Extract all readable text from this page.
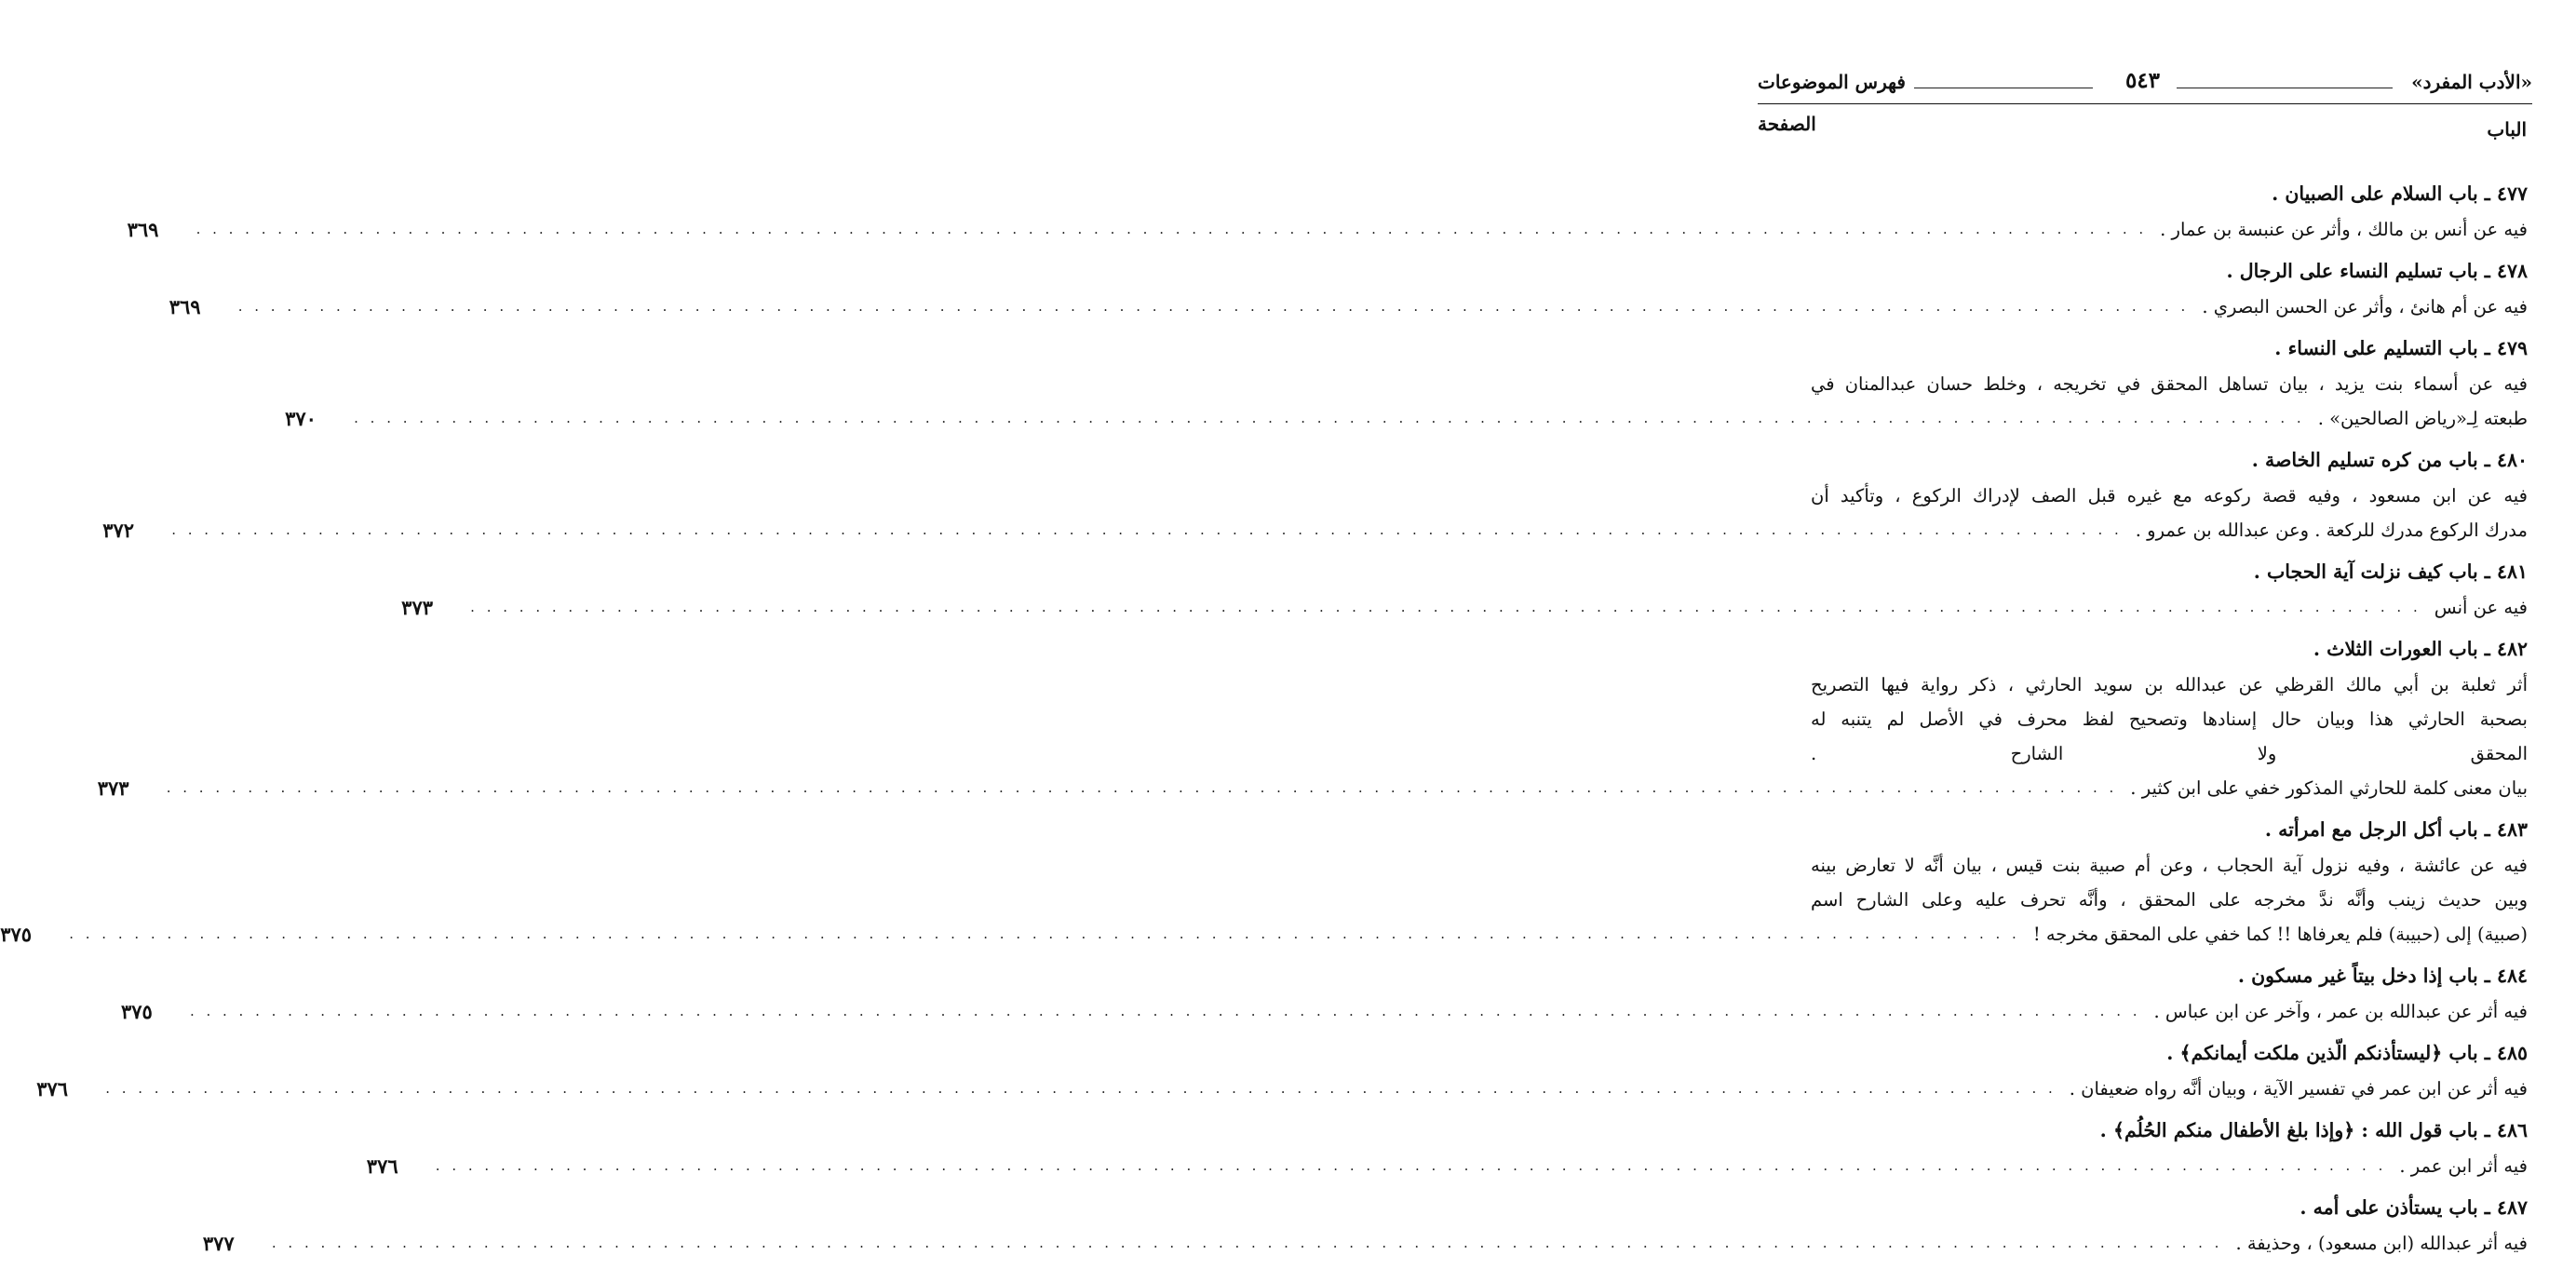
«الأدب المفرد»
٥٤٣
فهرس الموضوعات
الباب
الصفحة
٤٧٧ ـ باب السلام على الصبيان .
فيه عن أنس بن مالك ، وأثر عن عنبسة بن عمار .
. . . . . . . . . . . . . . . . . . . . . . . . . . . . . . . . . . . . . . . . . . . . . . . . . . . . . . . . . . . . . . . . . . . . . . . . . . . . . . . . . . . . . . . . . . . . . . . . . . . . . . . . . . . . . . . . . . . . . . . .
٣٦٩
٤٧٨ ـ باب تسليم النساء على الرجال .
فيه عن أم هانئ ، وأثر عن الحسن البصري .
. . . . . . . . . . . . . . . . . . . . . . . . . . . . . . . . . . . . . . . . . . . . . . . . . . . . . . . . . . . . . . . . . . . . . . . . . . . . . . . . . . . . . . . . . . . . . . . . . . . . . . . . . . . . . . . . . . . . . . . .
٣٦٩
٤٧٩ ـ باب التسليم على النساء .
فيه عن أسماء بنت يزيد ، بيان تساهل المحقق في تخريجه ، وخلط حسان عبدالمنان في
طبعته لِـ«رياض الصالحين» .
. . . . . . . . . . . . . . . . . . . . . . . . . . . . . . . . . . . . . . . . . . . . . . . . . . . . . . . . . . . . . . . . . . . . . . . . . . . . . . . . . . . . . . . . . . . . . . . . . . . . . . . . . . . . . . . . . . . . . . . .
٣٧٠
٤٨٠ ـ باب من كره تسليم الخاصة .
فيه عن ابن مسعود ، وفيه قصة ركوعه مع غيره قبل الصف لإدراك الركوع ، وتأكيد أن
مدرك الركوع مدرك للركعة . وعن عبدالله بن عمرو .
. . . . . . . . . . . . . . . . . . . . . . . . . . . . . . . . . . . . . . . . . . . . . . . . . . . . . . . . . . . . . . . . . . . . . . . . . . . . . . . . . . . . . . . . . . . . . . . . . . . . . . . . . . . . . . . . . . . . . . . .
٣٧٢
٤٨١ ـ باب كيف نزلت آية الحجاب .
فيه عن أنس
. . . . . . . . . . . . . . . . . . . . . . . . . . . . . . . . . . . . . . . . . . . . . . . . . . . . . . . . . . . . . . . . . . . . . . . . . . . . . . . . . . . . . . . . . . . . . . . . . . . . . . . . . . . . . . . . . . . . . . . .
٣٧٣
٤٨٢ ـ باب العورات الثلاث .
أثر ثعلبة بن أبي مالك القرظي عن عبدالله بن سويد الحارثي ، ذكر رواية فيها التصريح
بصحبة الحارثي هذا وبيان حال إسنادها وتصحيح لفظ محرف في الأصل لم يتنبه له
المحقق ولا الشارح .
بيان معنى كلمة للحارثي المذكور خفي على ابن كثير .
. . . . . . . . . . . . . . . . . . . . . . . . . . . . . . . . . . . . . . . . . . . . . . . . . . . . . . . . . . . . . . . . . . . . . . . . . . . . . . . . . . . . . . . . . . . . . . . . . . . . . . . . . . . . . . . . . . . . . . . .
٣٧٣
٤٨٣ ـ باب أكل الرجل مع امرأته .
فيه عن عائشة ، وفيه نزول آية الحجاب ، وعن أم صبية بنت قيس ، بيان أنَّه لا تعارض بينه
وبين حديث زينب وأنَّه ندَّ مخرجه على المحقق ، وأنَّه تحرف عليه وعلى الشارح اسم
(صبية) إلى (حبيبة) فلم يعرفاها !! كما خفي على المحقق مخرجه !
. . . . . . . . . . . . . . . . . . . . . . . . . . . . . . . . . . . . . . . . . . . . . . . . . . . . . . . . . . . . . . . . . . . . . . . . . . . . . . . . . . . . . . . . . . . . . . . . . . . . . . . . . . . . . . . . . . . . . . . .
٣٧٥
٤٨٤ ـ باب إذا دخل بيتاً غير مسكون .
فيه أثر عن عبدالله بن عمر ، وآخر عن ابن عباس .
. . . . . . . . . . . . . . . . . . . . . . . . . . . . . . . . . . . . . . . . . . . . . . . . . . . . . . . . . . . . . . . . . . . . . . . . . . . . . . . . . . . . . . . . . . . . . . . . . . . . . . . . . . . . . . . . . . . . . . . .
٣٧٥
٤٨٥ ـ باب ﴿ليستأذنكم الّذين ملكت أيمانكم﴾ .
فيه أثر عن ابن عمر في تفسير الآية ، وبيان أنَّه رواه ضعيفان .
. . . . . . . . . . . . . . . . . . . . . . . . . . . . . . . . . . . . . . . . . . . . . . . . . . . . . . . . . . . . . . . . . . . . . . . . . . . . . . . . . . . . . . . . . . . . . . . . . . . . . . . . . . . . . . . . . . . . . . . .
٣٧٦
٤٨٦ ـ باب قول الله : ﴿وإذا بلغ الأطفال منكم الحُلُم﴾ .
فيه أثر ابن عمر .
. . . . . . . . . . . . . . . . . . . . . . . . . . . . . . . . . . . . . . . . . . . . . . . . . . . . . . . . . . . . . . . . . . . . . . . . . . . . . . . . . . . . . . . . . . . . . . . . . . . . . . . . . . . . . . . . . . . . . . . .
٣٧٦
٤٨٧ ـ باب يستأذن على أمه .
فيه أثر عبدالله (ابن مسعود) ، وحذيفة .
. . . . . . . . . . . . . . . . . . . . . . . . . . . . . . . . . . . . . . . . . . . . . . . . . . . . . . . . . . . . . . . . . . . . . . . . . . . . . . . . . . . . . . . . . . . . . . . . . . . . . . . . . . . . . . . . . . . . . . . .
٣٧٧
